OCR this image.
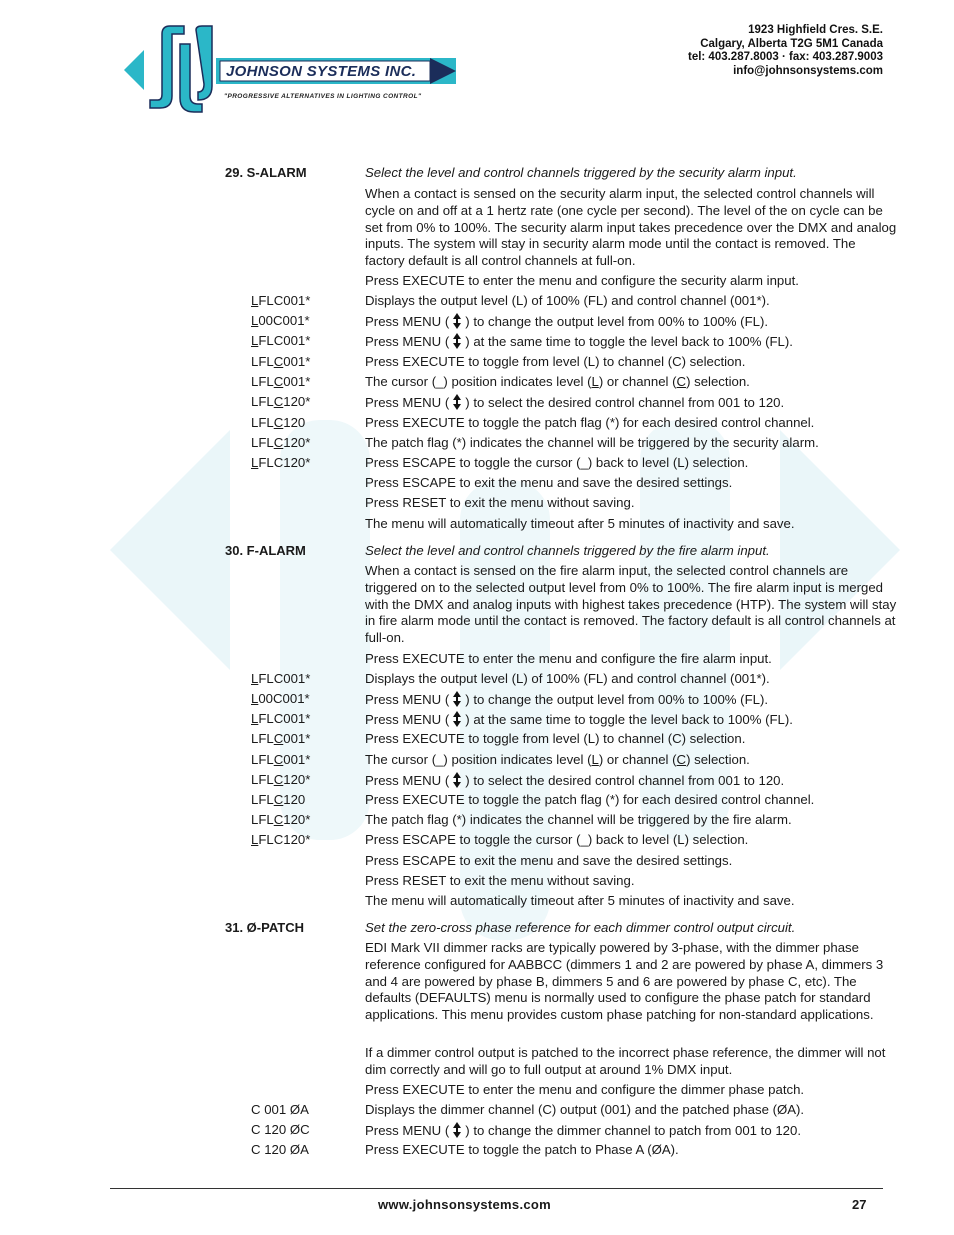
JOHNSON SYSTEMS INC.
"PROGRESSIVE ALTERNATIVES IN LIGHTING CONTROL"
1923 Highfield Cres. S.E.
Calgary, Alberta T2G 5M1 Canada
tel: 403.287.8003 · fax: 403.287.9003
info@johnsonsystems.com
29. S-ALARM	Select the level and control channels triggered by the security alarm input.
When a contact is sensed on the security alarm input, the selected control channels will cycle on and off at a 1 hertz rate (one cycle per second). The level of the on cycle can be set from 0% to 100%. The security alarm input takes precedence over the DMX and analog inputs. The system will stay in security alarm mode until the contact is removed. The factory default is all control channels at full-on.
Press EXECUTE to enter the menu and configure the security alarm input.
LFLC001*	Displays the output level (L) of 100% (FL) and control channel (001*).
L00C001*	Press MENU ( ) to change the output level from 00% to 100% (FL).
LFLC001*	Press MENU ( ) at the same time to toggle the level back to 100% (FL).
LFLC001*	Press EXECUTE to toggle from level (L) to channel (C) selection.
LFLC001*	The cursor (_) position indicates level (L) or channel (C) selection.
LFLC120*	Press MENU ( ) to select the desired control channel from 001 to 120.
LFLC120	Press EXECUTE to toggle the patch flag (*) for each desired control channel.
LFLC120*	The patch flag (*) indicates the channel will be triggered by the security alarm.
LFLC120*	Press ESCAPE to toggle the cursor (_) back to level (L) selection.
Press ESCAPE to exit the menu and save the desired settings.
Press RESET to exit the menu without saving.
The menu will automatically timeout after 5 minutes of inactivity and save.
30. F-ALARM	Select the level and control channels triggered by the fire alarm input.
When a contact is sensed on the fire alarm input, the selected control channels are triggered on to the selected output level from 0% to 100%. The fire alarm input is merged with the DMX and analog inputs with highest takes precedence (HTP). The system will stay in fire alarm mode until the contact is removed. The factory default is all control channels at full-on.
Press EXECUTE to enter the menu and configure the fire alarm input.
LFLC001*	Displays the output level (L) of 100% (FL) and control channel (001*).
L00C001*	Press MENU ( ) to change the output level from 00% to 100% (FL).
LFLC001*	Press MENU ( ) at the same time to toggle the level back to 100% (FL).
LFLC001*	Press EXECUTE to toggle from level (L) to channel (C) selection.
LFLC001*	The cursor (_) position indicates level (L) or channel (C) selection.
LFLC120*	Press MENU ( ) to select the desired control channel from 001 to 120.
LFLC120	Press EXECUTE to toggle the patch flag (*) for each desired control channel.
LFLC120*	The patch flag (*) indicates the channel will be triggered by the fire alarm.
LFLC120*	Press ESCAPE to toggle the cursor (_) back to level (L) selection.
Press ESCAPE to exit the menu and save the desired settings.
Press RESET to exit the menu without saving.
The menu will automatically timeout after 5 minutes of inactivity and save.
31. Ø-PATCH	Set the zero-cross phase reference for each dimmer control output circuit.
EDI Mark VII dimmer racks are typically powered by 3-phase, with the dimmer phase reference configured for AABBCC (dimmers 1 and 2 are powered by phase A, dimmers 3 and 4 are powered by phase B, dimmers 5 and 6 are powered by phase C, etc). The defaults (DEFAULTS) menu is normally used to configure the phase patch for standard applications. This menu provides custom phase patching for non-standard applications.
If a dimmer control output is patched to the incorrect phase reference, the dimmer will not dim correctly and will go to full output at around 1% DMX input.
Press EXECUTE to enter the menu and configure the dimmer phase patch.
C 001 ØA	Displays the dimmer channel (C) output (001) and the patched phase (ØA).
C 120 ØC	Press MENU ( ) to change the dimmer channel to patch from 001 to 120.
C 120 ØA	Press EXECUTE to toggle the patch to Phase A (ØA).
www.johnsonsystems.com	27
